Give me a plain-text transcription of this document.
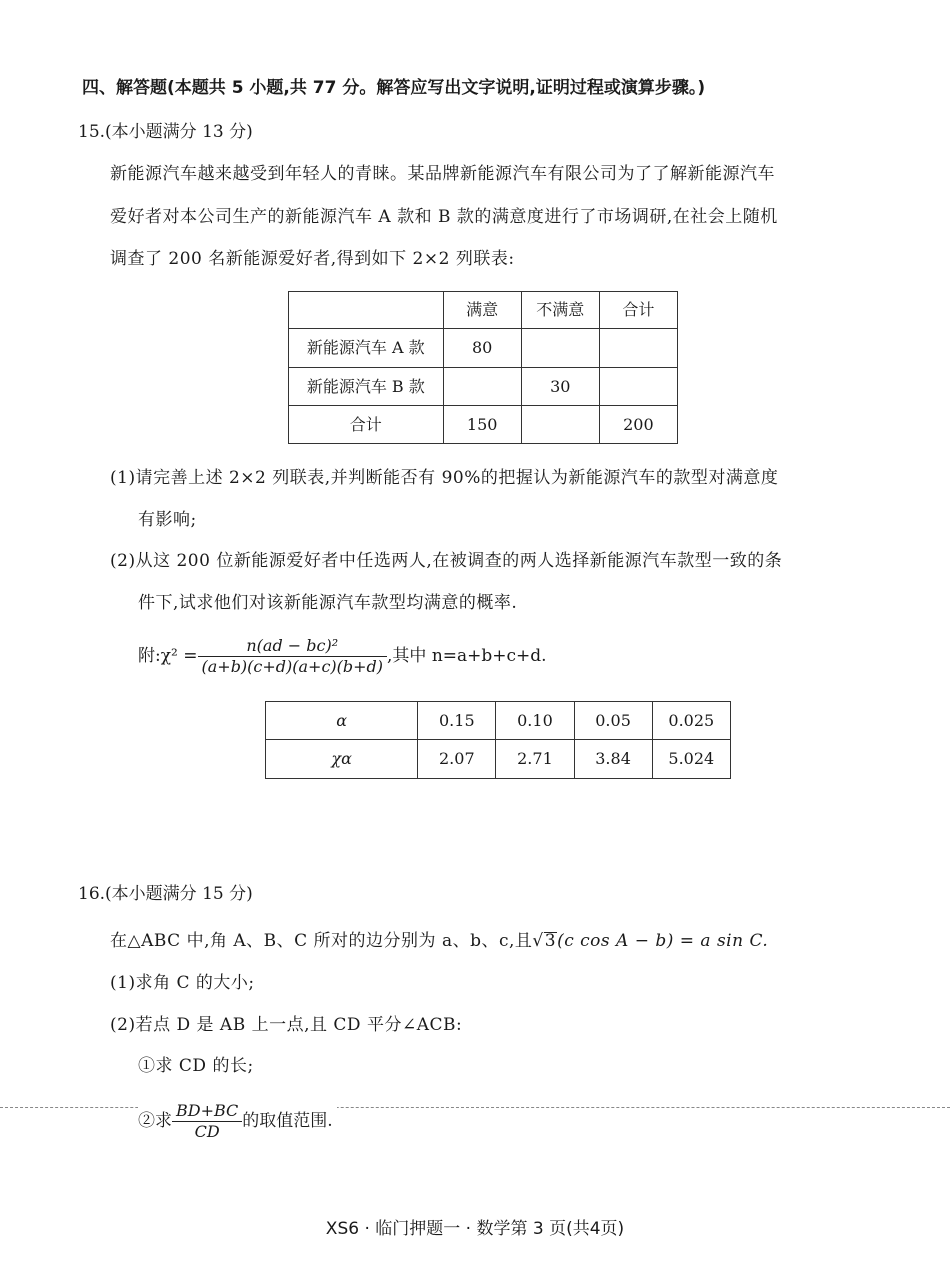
四、解答题(本题共 5 小题,共 77 分。解答应写出文字说明,证明过程或演算步骤。)
15.(本小题满分 13 分)
新能源汽车越来越受到年轻人的青睐。某品牌新能源汽车有限公司为了了解新能源汽车
爱好者对本公司生产的新能源汽车 A 款和 B 款的满意度进行了市场调研,在社会上随机
调查了 200 名新能源爱好者,得到如下 2×2 列联表:
	满意	不满意	合计
新能源汽车 A 款	80		
新能源汽车 B 款		30	
合计	150		200
(1)请完善上述 2×2 列联表,并判断能否有 90%的把握认为新能源汽车的款型对满意度
有影响;
(2)从这 200 位新能源爱好者中任选两人,在被调查的两人选择新能源汽车款型一致的条
件下,试求他们对该新能源汽车款型均满意的概率.
附:χ² = $\frac{\text{n(ad − bc)²}}{(a+b)(c+d)(a+c)(b+d)}$ ,其中 n=a+b+c+d.
α	0.15	0.10	0.05	0.025
χα	2.07	2.71	3.84	5.024
16.(本小题满分 15 分)
在△ABC 中,角 A、B、C 所对的边分别为 a、b、c,且√3(c cos A − b) = a sin C.
(1)求角 C 的大小;
(2)若点 D 是 AB 上一点,且 CD 平分∠ACB:
①求 CD 的长;
②求 $\frac{BD+BC}{CD}$ 的取值范围.
XS6 · 临门押题一 · 数学第 3 页(共4页)
